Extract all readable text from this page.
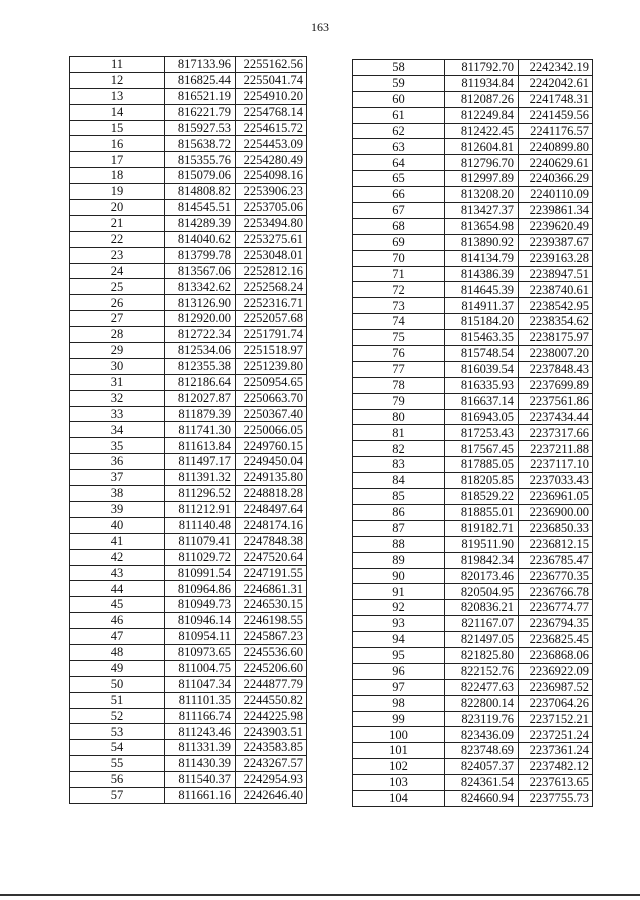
163
11	817133.96	2255162.56
12	816825.44	2255041.74
13	816521.19	2254910.20
14	816221.79	2254768.14
15	815927.53	2254615.72
16	815638.72	2254453.09
17	815355.76	2254280.49
18	815079.06	2254098.16
19	814808.82	2253906.23
20	814545.51	2253705.06
21	814289.39	2253494.80
22	814040.62	2253275.61
23	813799.78	2253048.01
24	813567.06	2252812.16
25	813342.62	2252568.24
26	813126.90	2252316.71
27	812920.00	2252057.68
28	812722.34	2251791.74
29	812534.06	2251518.97
30	812355.38	2251239.80
31	812186.64	2250954.65
32	812027.87	2250663.70
33	811879.39	2250367.40
34	811741.30	2250066.05
35	811613.84	2249760.15
36	811497.17	2249450.04
37	811391.32	2249135.80
38	811296.52	2248818.28
39	811212.91	2248497.64
40	811140.48	2248174.16
41	811079.41	2247848.38
42	811029.72	2247520.64
43	810991.54	2247191.55
44	810964.86	2246861.31
45	810949.73	2246530.15
46	810946.14	2246198.55
47	810954.11	2245867.23
48	810973.65	2245536.60
49	811004.75	2245206.60
50	811047.34	2244877.79
51	811101.35	2244550.82
52	811166.74	2244225.98
53	811243.46	2243903.51
54	811331.39	2243583.85
55	811430.39	2243267.57
56	811540.37	2242954.93
57	811661.16	2242646.40
58	811792.70	2242342.19
59	811934.84	2242042.61
60	812087.26	2241748.31
61	812249.84	2241459.56
62	812422.45	2241176.57
63	812604.81	2240899.80
64	812796.70	2240629.61
65	812997.89	2240366.29
66	813208.20	2240110.09
67	813427.37	2239861.34
68	813654.98	2239620.49
69	813890.92	2239387.67
70	814134.79	2239163.28
71	814386.39	2238947.51
72	814645.39	2238740.61
73	814911.37	2238542.95
74	815184.20	2238354.62
75	815463.35	2238175.97
76	815748.54	2238007.20
77	816039.54	2237848.43
78	816335.93	2237699.89
79	816637.14	2237561.86
80	816943.05	2237434.44
81	817253.43	2237317.66
82	817567.45	2237211.88
83	817885.05	2237117.10
84	818205.85	2237033.43
85	818529.22	2236961.05
86	818855.01	2236900.00
87	819182.71	2236850.33
88	819511.90	2236812.15
89	819842.34	2236785.47
90	820173.46	2236770.35
91	820504.95	2236766.78
92	820836.21	2236774.77
93	821167.07	2236794.35
94	821497.05	2236825.45
95	821825.80	2236868.06
96	822152.76	2236922.09
97	822477.63	2236987.52
98	822800.14	2237064.26
99	823119.76	2237152.21
100	823436.09	2237251.24
101	823748.69	2237361.24
102	824057.37	2237482.12
103	824361.54	2237613.65
104	824660.94	2237755.73
